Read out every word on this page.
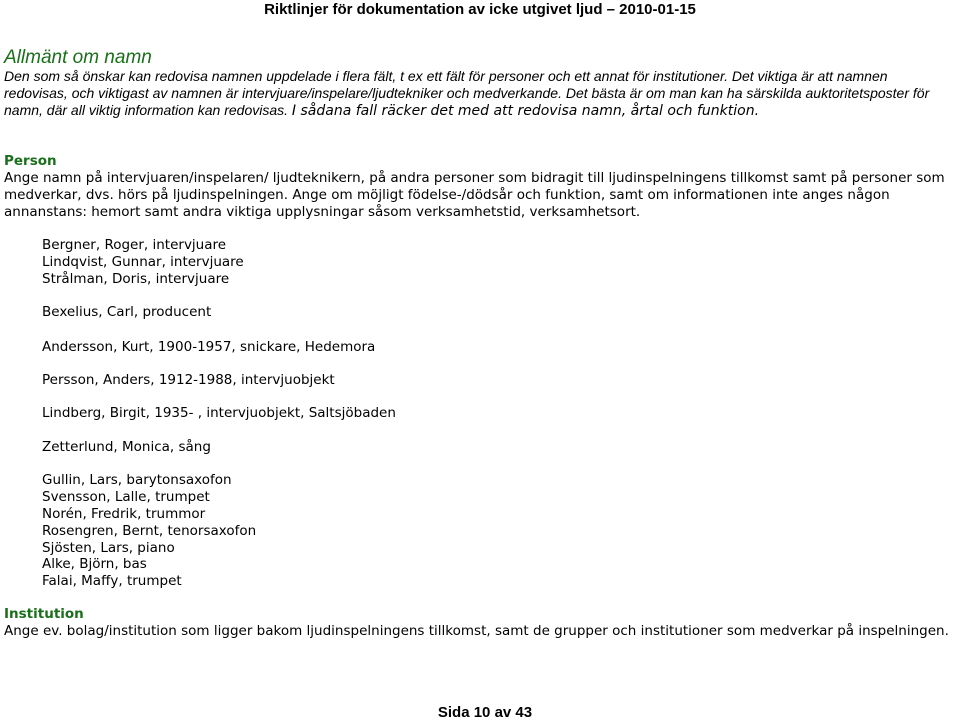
Riktlinjer för dokumentation av icke utgivet ljud – 2010-01-15
Allmänt om namn

Den som så önskar kan redovisa namnen uppdelade i flera fält, t ex ett fält för personer och ett annat för institutioner. Det viktiga är att namnen redovisas, och viktigast av namnen är intervjuare/inspelare/ljudtekniker och medverkande. Det bästa är om man kan ha särskilda auktoritetsposter för namn, där all viktig information kan redovisas. I sådana fall räcker det med att redovisa namn, årtal och funktion.

Person

Ange namn på intervjuaren/inspelaren/ ljudteknikern, på andra personer som bidragit till ljudinspelningens tillkomst samt på personer som medverkar, dvs. hörs på ljudinspelningen. Ange om möjligt födelse-/dödsår och funktion, samt om informationen inte anges någon annanstans: hemort samt andra viktiga upplysningar såsom verksamhetstid, verksamhetsort.

Bergner, Roger, intervjuare
Lindqvist, Gunnar, intervjuare
Strålman, Doris, intervjuare
Bexelius, Carl, producent
Andersson, Kurt, 1900-1957, snickare, Hedemora
Persson, Anders, 1912-1988, intervjuobjekt
Lindberg, Birgit, 1935- , intervjuobjekt, Saltsjöbaden
Zetterlund, Monica, sång
Gullin, Lars, barytonsaxofon
Svensson, Lalle, trumpet
Norén, Fredrik, trummor
Rosengren, Bernt, tenorsaxofon
Sjösten, Lars, piano
Alke, Björn, bas
Falai, Maffy, trumpet
Institution

Ange ev. bolag/institution som ligger bakom ljudinspelningens tillkomst, samt de grupper och institutioner som medverkar på inspelningen.

Sida 10 av 43
